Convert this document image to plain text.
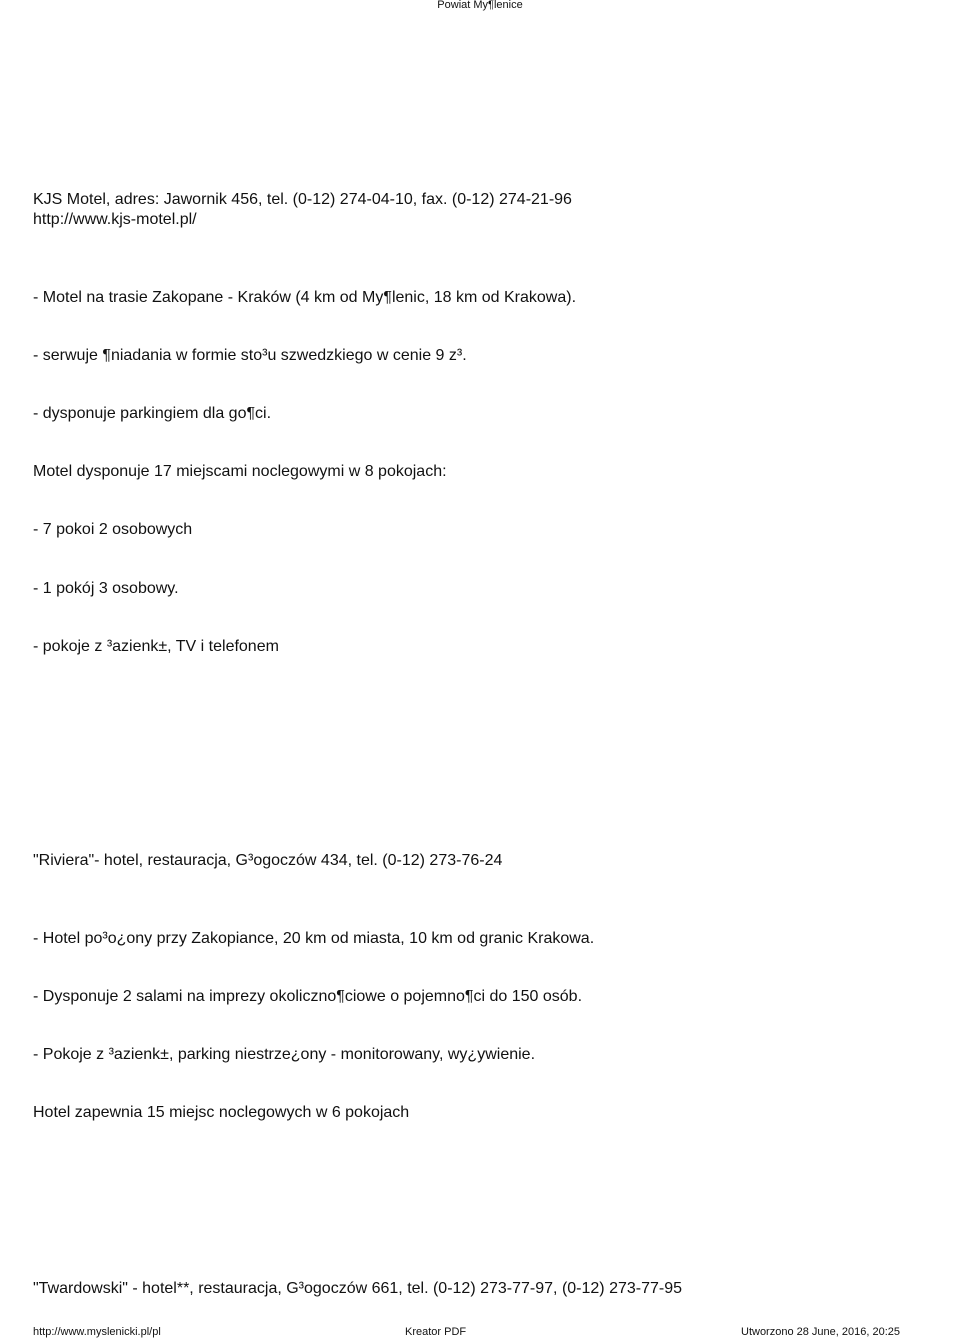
Powiat My¶lenice
KJS Motel, adres: Jawornik 456, tel. (0-12) 274-04-10, fax. (0-12) 274-21-96
http://www.kjs-motel.pl/
- Motel na trasie Zakopane - Kraków (4 km od My¶lenic, 18 km od Krakowa).
- serwuje ¶niadania w formie sto³u szwedzkiego w cenie 9 z³.
- dysponuje parkingiem dla go¶ci.
Motel dysponuje 17 miejscami noclegowymi w 8 pokojach:
- 7 pokoi 2 osobowych
- 1 pokój 3 osobowy.
- pokoje z ³azienk±, TV i telefonem
"Riviera"- hotel, restauracja, G³ogoczów 434, tel. (0-12) 273-76-24
- Hotel po³o¿ony przy Zakopiance, 20 km od miasta, 10 km od granic Krakowa.
- Dysponuje 2 salami na imprezy okoliczno¶ciowe o pojemno¶ci do 150 osób.
- Pokoje z ³azienk±, parking niestrze¿ony - monitorowany, wy¿ywienie.
Hotel zapewnia 15 miejsc noclegowych w 6 pokojach
"Twardowski" - hotel**, restauracja, G³ogoczów 661, tel. (0-12) 273-77-97, (0-12) 273-77-95
http://www.myslenicki.pl/pl	Kreator PDF	Utworzono 28 June, 2016, 20:25
